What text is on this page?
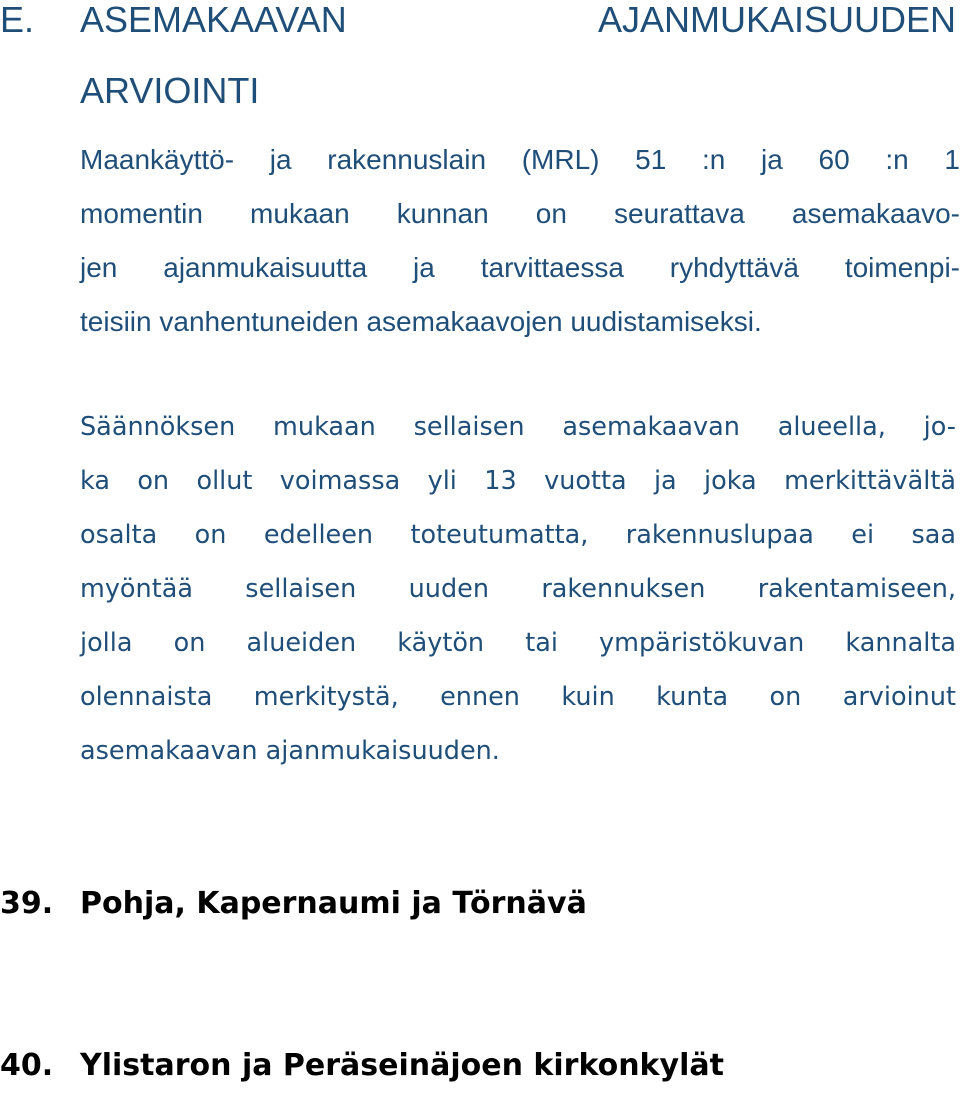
E. ASEMAKAAVAN	AJANMUKAISUUDEN
ARVIOINTI
Maankäyttö- ja rakennuslain (MRL) 51 :n ja 60 :n 1
momentin mukaan kunnan on seurattava asemakaavo-
jen ajanmukaisuutta ja tarvittaessa ryhdyttävä toimenpi-
teisiin vanhentuneiden asemakaavojen uudistamiseksi.
Säännöksen mukaan sellaisen asemakaavan alueella, jo-
ka on ollut voimassa yli 13 vuotta ja joka merkittävältä
osalta on edelleen toteutumatta, rakennuslupaa ei saa
myöntää sellaisen uuden rakennuksen rakentamiseen,
jolla on alueiden käytön tai ympäristökuvan kannalta
olennaista merkitystä, ennen kuin kunta on arvioinut
asemakaavan ajanmukaisuuden.
39. Pohja, Kapernaumi ja Törnävä
40. Ylistaron ja Peräseinäjoen kirkonkylät
